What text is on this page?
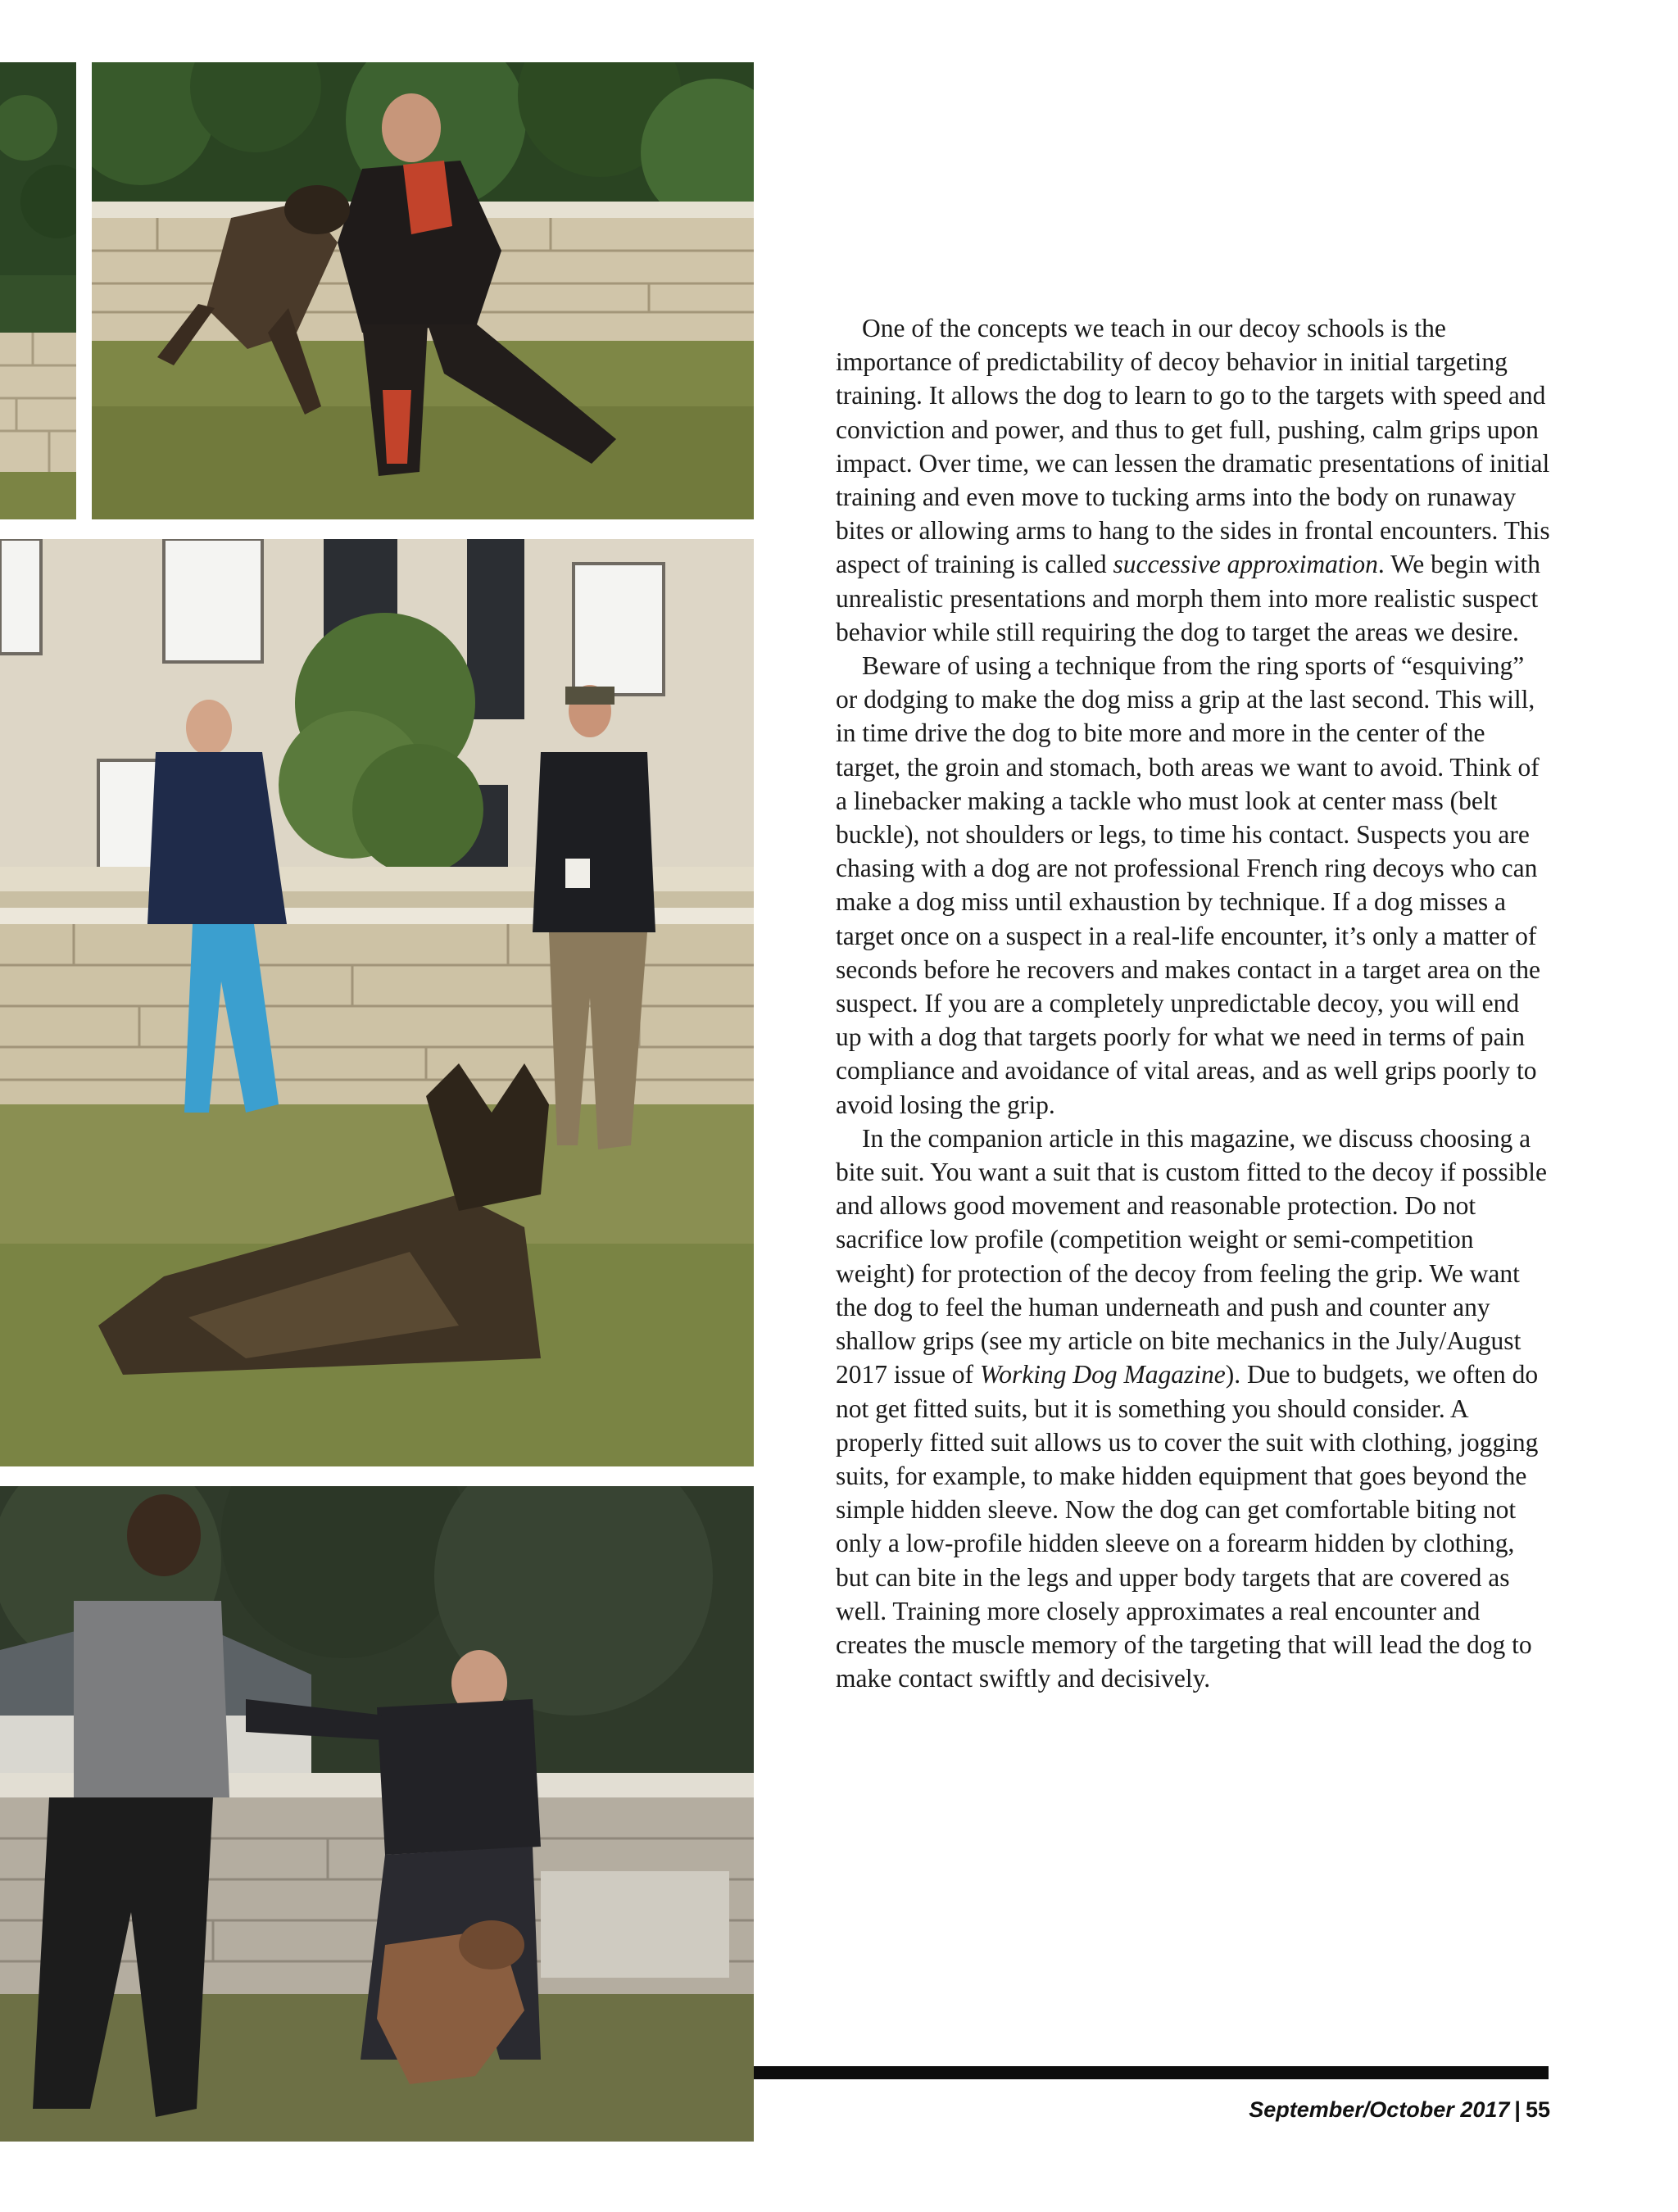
One of the concepts we teach in our decoy schools is the importance of predictability of decoy behavior in initial targeting training. It allows the dog to learn to go to the targets with speed and conviction and power, and thus to get full, pushing, calm grips upon impact. Over time, we can lessen the dramatic presentations of initial training and even move to tucking arms into the body on runaway bites or allowing arms to hang to the sides in frontal encounters. This aspect of training is called successive approximation. We begin with unrealistic presentations and morph them into more realistic suspect behavior while still requiring the dog to target the areas we desire.

Beware of using a technique from the ring sports of “esquiving” or dodging to make the dog miss a grip at the last second. This will, in time drive the dog to bite more and more in the center of the target, the groin and stomach, both areas we want to avoid. Think of a linebacker making a tackle who must look at center mass (belt buckle), not shoulders or legs, to time his contact. Suspects you are chasing with a dog are not professional French ring decoys who can make a dog miss until exhaustion by technique. If a dog misses a target once on a suspect in a real-life encounter, it’s only a matter of seconds before he recovers and makes contact in a target area on the suspect. If you are a completely unpredictable decoy, you will end up with a dog that targets poorly for what we need in terms of pain compliance and avoidance of vital areas, and as well grips poorly to avoid losing the grip.

In the companion article in this magazine, we discuss choosing a bite suit. You want a suit that is custom fitted to the decoy if possible and allows good movement and reasonable protection. Do not sacrifice low profile (competition weight or semi-competition weight) for protection of the decoy from feeling the grip. We want the dog to feel the human underneath and push and counter any shallow grips (see my article on bite mechanics in the July/August 2017 issue of Working Dog Magazine). Due to budgets, we often do not get fitted suits, but it is something you should consider. A properly fitted suit allows us to cover the suit with clothing, jogging suits, for example, to make hidden equipment that goes beyond the simple hidden sleeve. Now the dog can get comfortable biting not only a low-profile hidden sleeve on a forearm hidden by clothing, but can bite in the legs and upper body targets that are covered as well. Training more closely approximates a real encounter and creates the muscle memory of the targeting that will lead the dog to make contact swiftly and decisively.

September/October 2017 | 55
